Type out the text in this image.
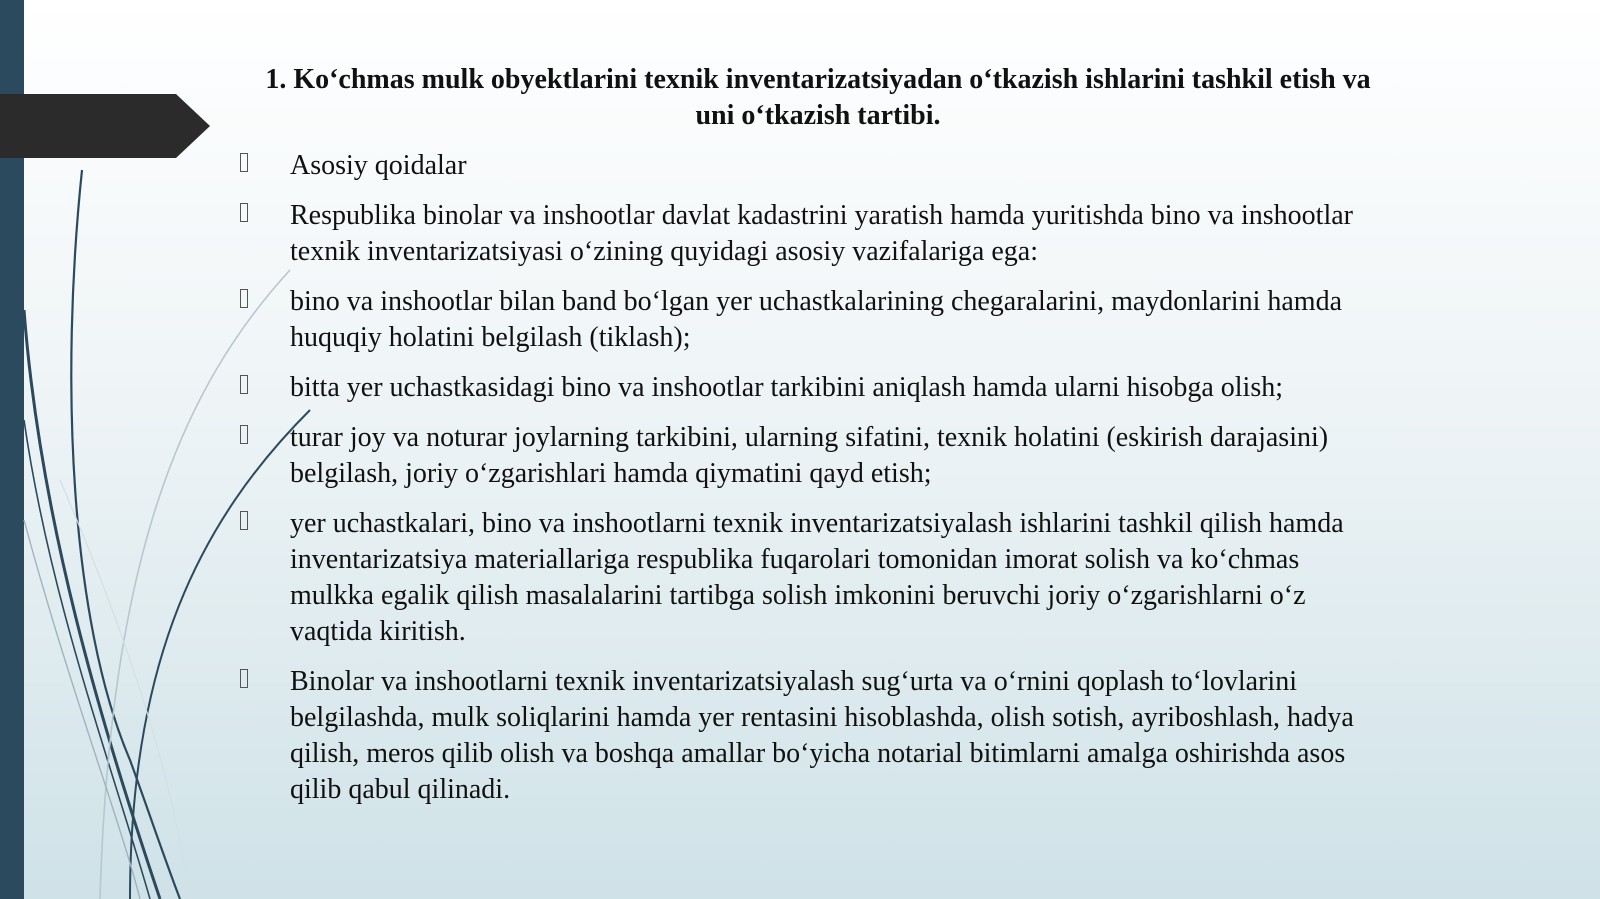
1. Ko‘chmas mulk obyektlarini texnik inventarizatsiyadan o‘tkazish ishlarini tashkil etish va uni o‘tkazish tartibi.
Asosiy qoidalar
Respublika binolar va inshootlar davlat kadastrini yaratish hamda yuritishda bino va inshootlar texnik inventarizatsiyasi o‘zining quyidagi asosiy vazifalariga ega:
bino va inshootlar bilan band bo‘lgan yer uchastkalarining chegaralarini, maydonlarini hamda huquqiy holatini belgilash (tiklash);
bitta yer uchastkasidagi bino va inshootlar tarkibini aniqlash hamda ularni hisobga olish;
turar joy va noturar joylarning tarkibini, ularning sifatini, texnik holatini (eskirish darajasini) belgilash, joriy o‘zgarishlari hamda qiymatini qayd etish;
yer uchastkalari, bino va inshootlarni texnik inventarizatsiyalash ishlarini tashkil qilish hamda inventarizatsiya materiallariga respublika fuqarolari tomonidan imorat solish va ko‘chmas mulkka egalik qilish masalalarini tartibga solish imkonini beruvchi joriy o‘zgarishlarni o‘z vaqtida kiritish.
Binolar va inshootlarni texnik inventarizatsiyalash sug‘urta va o‘rnini qoplash to‘lovlarini belgilashda, mulk soliqlarini hamda yer rentasini hisoblashda, olish sotish, ayriboshlash, hadya qilish, meros qilib olish va boshqa amallar bo‘yicha notarial bitimlarni amalga oshirishda asos qilib qabul qilinadi.
